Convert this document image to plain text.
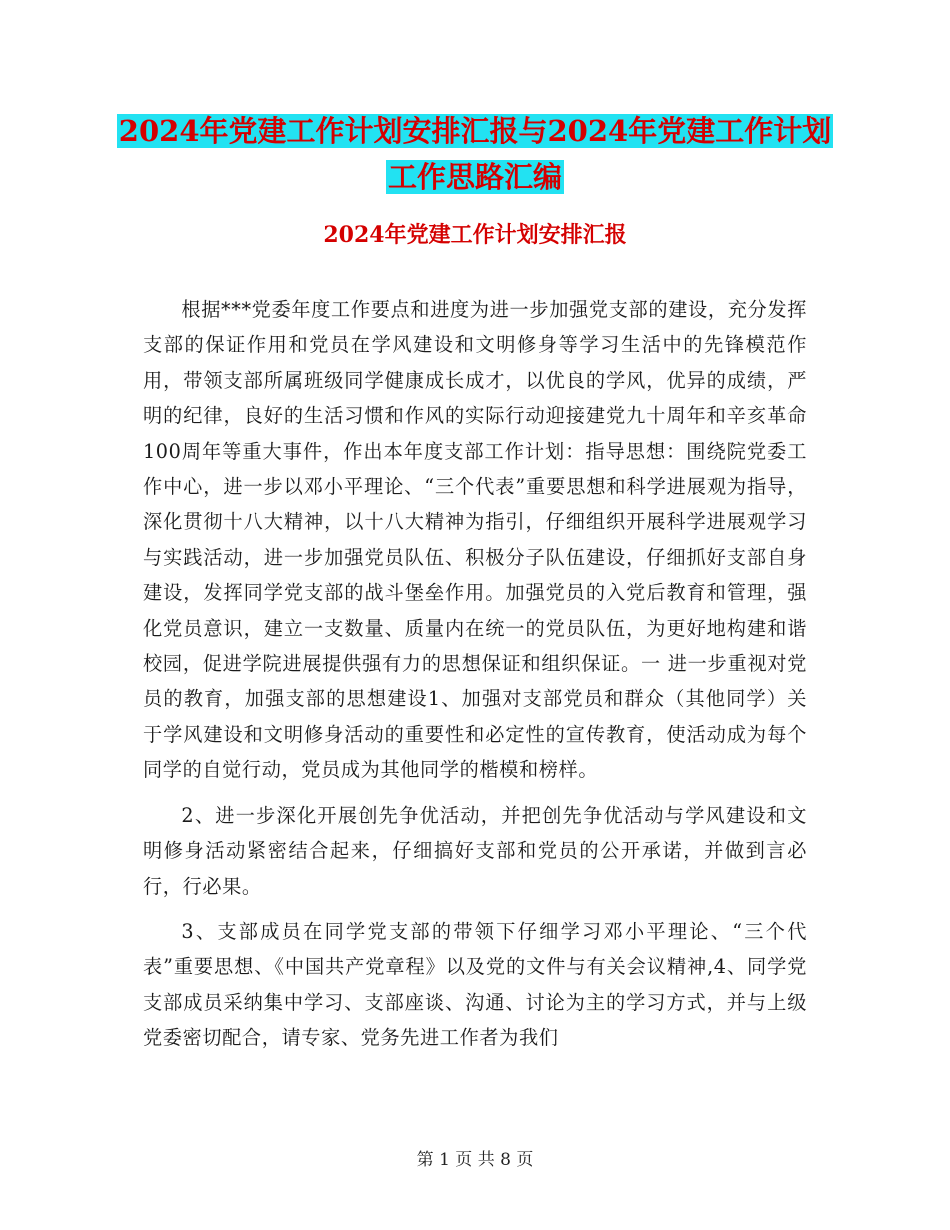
2024年党建工作计划安排汇报与2024年党建工作计划
工作思路汇编
2024年党建工作计划安排汇报

根据***党委年度工作要点和进度为进一步加强党支部的建设，充分发挥支部的保证作用和党员在学风建设和文明修身等学习生活中的先锋模范作用，带领支部所属班级同学健康成长成才，以优良的学风，优异的成绩，严明的纪律，良好的生活习惯和作风的实际行动迎接建党九十周年和辛亥革命100周年等重大事件，作出本年度支部工作计划：指导思想：围绕院党委工作中心，进一步以邓小平理论、“三个代表”重要思想和科学进展观为指导，深化贯彻十八大精神，以十八大精神为指引，仔细组织开展科学进展观学习与实践活动，进一步加强党员队伍、积极分子队伍建设，仔细抓好支部自身建设，发挥同学党支部的战斗堡垒作用。加强党员的入党后教育和管理，强化党员意识，建立一支数量、质量内在统一的党员队伍，为更好地构建和谐校园，促进学院进展提供强有力的思想保证和组织保证。一 进一步重视对党员的教育，加强支部的思想建设1、加强对支部党员和群众（其他同学）关于学风建设和文明修身活动的重要性和必定性的宣传教育，使活动成为每个同学的自觉行动，党员成为其他同学的楷模和榜样。

2、进一步深化开展创先争优活动，并把创先争优活动与学风建设和文明修身活动紧密结合起来，仔细搞好支部和党员的公开承诺，并做到言必行，行必果。

3、支部成员在同学党支部的带领下仔细学习邓小平理论、“三个代表”重要思想、《中国共产党章程》以及党的文件与有关会议精神,4、同学党支部成员采纳集中学习、支部座谈、沟通、讨论为主的学习方式，并与上级党委密切配合，请专家、党务先进工作者为我们

第 1 页 共 8 页
